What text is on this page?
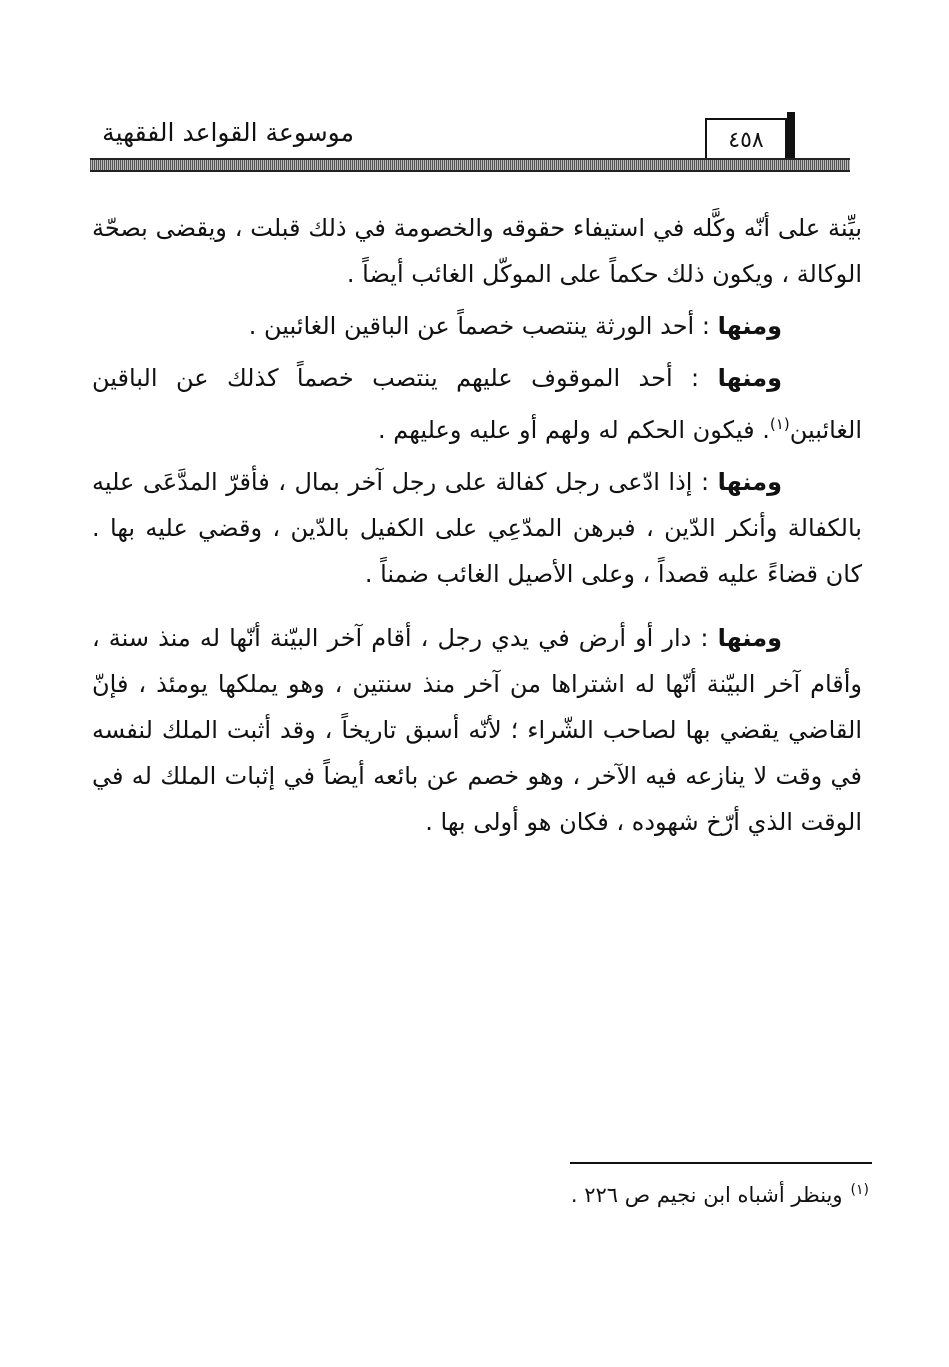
موسوعة القواعد الفقهية	٤٥٨

بيِّنة على أنّه وكَّله في استيفاء حقوقه والخصومة في ذلك قبلت ، ويقضى بصحّة الوكالة ، ويكون ذلك حكماً على الموكّل الغائب أيضاً .

ومنها : أحد الورثة ينتصب خصماً عن الباقين الغائبين .

ومنها : أحد الموقوف عليهم ينتصب خصماً كذلك عن الباقين الغائبين$^{(١)}$. فيكون الحكم له ولهم أو عليه وعليهم .

ومنها : إذا ادّعى رجل كفالة على رجل آخر بمال ، فأقرّ المدَّعَى عليه بالكفالة وأنكر الدّين ، فبرهن المدّعِي على الكفيل بالدّين ، وقضي عليه بها . كان قضاءً عليه قصداً ، وعلى الأصيل الغائب ضمناً .

ومنها : دار أو أرض في يدي رجل ، أقام آخر البيّنة أنّها له منذ سنة ، وأقام آخر البيّنة أنّها له اشتراها من آخر منذ سنتين ، وهو يملكها يومئذ ، فإنّ القاضي يقضي بها لصاحب الشّراء ؛ لأنّه أسبق تاريخاً ، وقد أثبت الملك لنفسه في وقت لا ينازعه فيه الآخر ، وهو خصم عن بائعه أيضاً في إثبات الملك له في الوقت الذي أرّخ شهوده ، فكان هو أولى بها .

$^{(١)}$وينظر أشباه ابن نجيم ص ٢٢٦ .
